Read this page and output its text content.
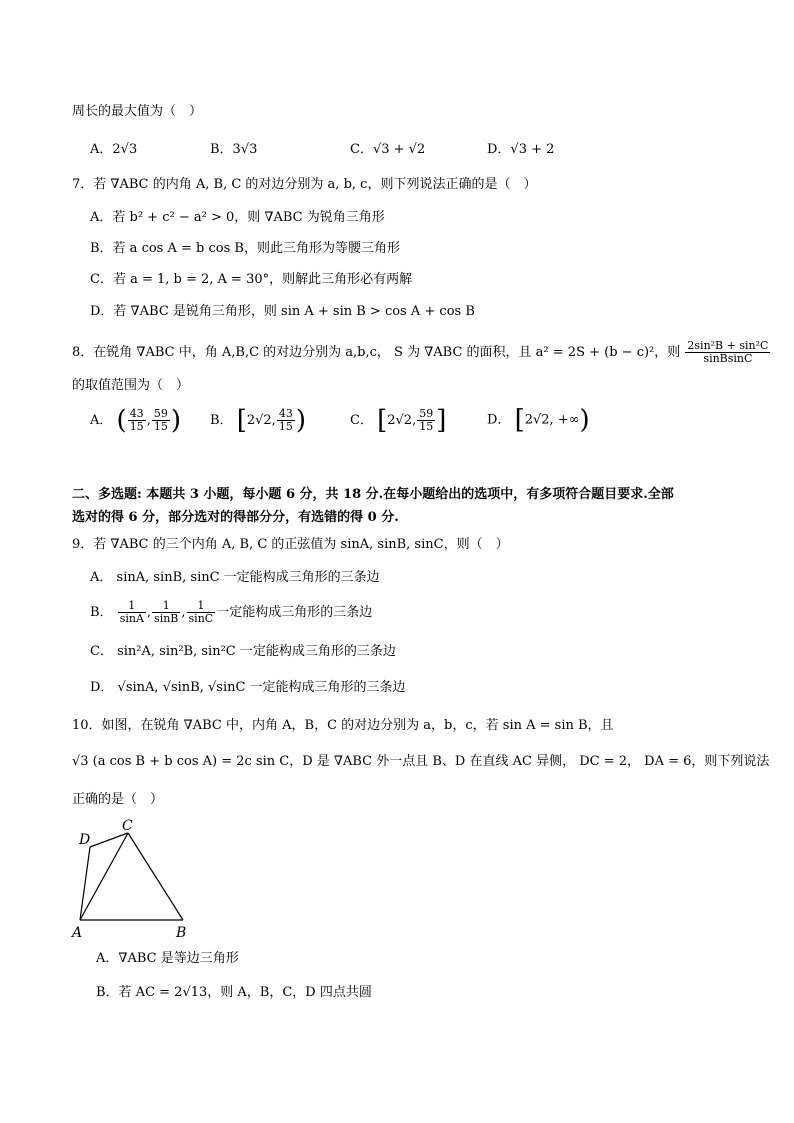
周长的最大值为（　）
A．2√3	B．3√3	C．√3 + √2	D．√3 + 2
7．若 ∇ABC 的内角 A, B, C 的对边分别为 a, b, c，则下列说法正确的是（　）
A．若 b² + c² − a² > 0，则 ∇ABC 为锐角三角形
B．若 a cos A = b cos B，则此三角形为等腰三角形
C．若 a = 1, b = 2, A = 30°，则解此三角形必有两解
D．若 ∇ABC 是锐角三角形，则 sin A + sin B > cos A + cos B
8．在锐角 ∇ABC 中，角 A,B,C 的对边分别为 a,b,c， S 为 ∇ABC 的面积，且 a² = 2S + (b − c)²，则 $\frac{\text{2sin²B + sin²C}}{\text{sinBsinC}}$
的取值范围为（　）
A． ( $\frac{43}{15}$ , $\frac{59}{15}$ ) B． [2√2, $\frac{43}{15}$ )	C． [2√2, $\frac{59}{15}$ ]	D． [2√2, +∞)
二、多选题: 本题共 3 小题，每小题 6 分，共 18 分.在每小题给出的选项中，有多项符合题目要求.全部
选对的得 6 分，部分选对的得部分分，有选错的得 0 分.
9．若 ∇ABC 的三个内角 A, B, C 的正弦值为 sinA, sinB, sinC，则（　）
A． sinA, sinB, sinC 一定能构成三角形的三条边
B． $\frac{1}{\sin A}$ , $\frac{1}{\sin B}$ , $\frac{1}{\sin C}$ 一定能构成三角形的三条边
C． sin²A, sin²B, sin²C 一定能构成三角形的三条边
D． √sinA, √sinB, √sinC 一定能构成三角形的三条边
10．如图，在锐角 ∇ABC 中，内角 A，B，C 的对边分别为 a，b，c，若 sin A = sin B，且
√3 (a cos B + b cos A) = 2c sin C，D 是 ∇ABC 外一点且 B、D 在直线 AC 异侧， DC = 2， DA = 6，则下列说法
正确的是（　）
A	B
C
D
A．∇ABC 是等边三角形
B．若 AC = 2√13，则 A，B，C，D 四点共圆
